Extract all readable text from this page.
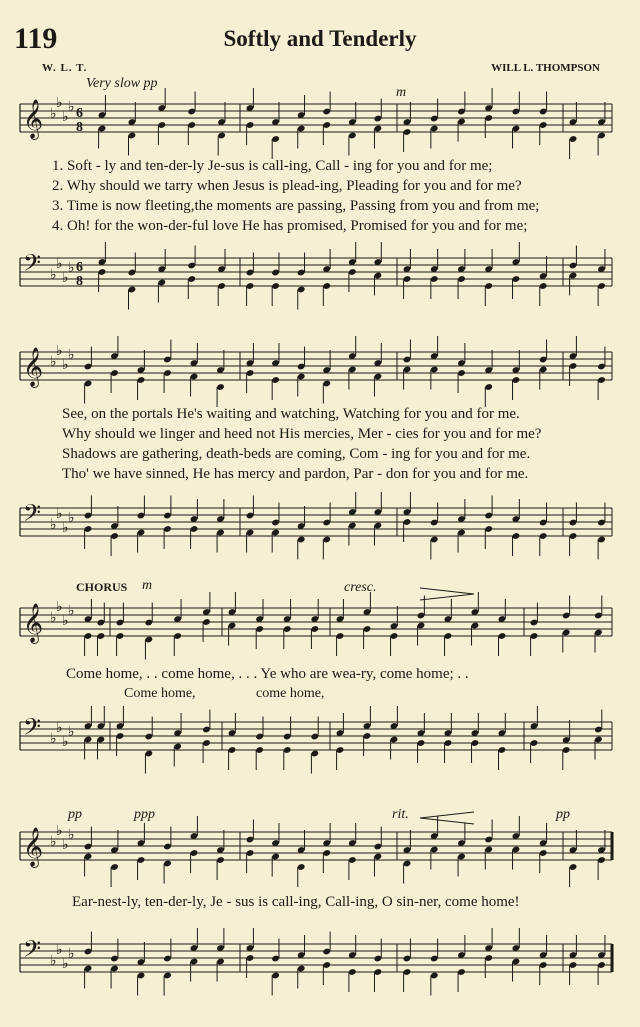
119	Softly and Tenderly
W. L. T.	WILL L. THOMPSON
Very slow pp
m
𝄞 ♭
♭
♭
♭ 6
8
𝄢 ♭
♭
♭
♭ 6
8
𝄞 ♭
♭
♭
♭
𝄢 ♭
♭
♭
♭
𝄞 ♭
♭
♭
♭
𝄢 ♭
♭
♭
♭
𝄞 ♭
♭
♭
♭
𝄢 ♭
♭
♭
♭
1. Soft - ly and ten-der-ly Je-sus is call-ing, Call - ing for you and for me;
2. Why should we tarry when Jesus is plead-ing, Pleading for you and for me?
3. Time is now fleeting,the moments are passing, Passing from you and from me;
4. Oh! for the won-der-ful love He has promised, Promised for you and for me;
See, on the portals He's waiting and watching, Watching for you and for me.
Why should we linger and heed not His mercies, Mer - cies for you and for me?
Shadows are gathering, death-beds are coming, Com - ing for you and for me.
Tho' we have sinned, He has mercy and pardon, Par - don for you and for me.
CHORUS m	cresc.
Come home, . . come home, . . . Ye who are wea-ry, come home; . .
Come home,	come home,
pp	ppp	rit.	pp
Ear-nest-ly, ten-der-ly, Je - sus is call-ing, Call-ing, O sin-ner, come home!
